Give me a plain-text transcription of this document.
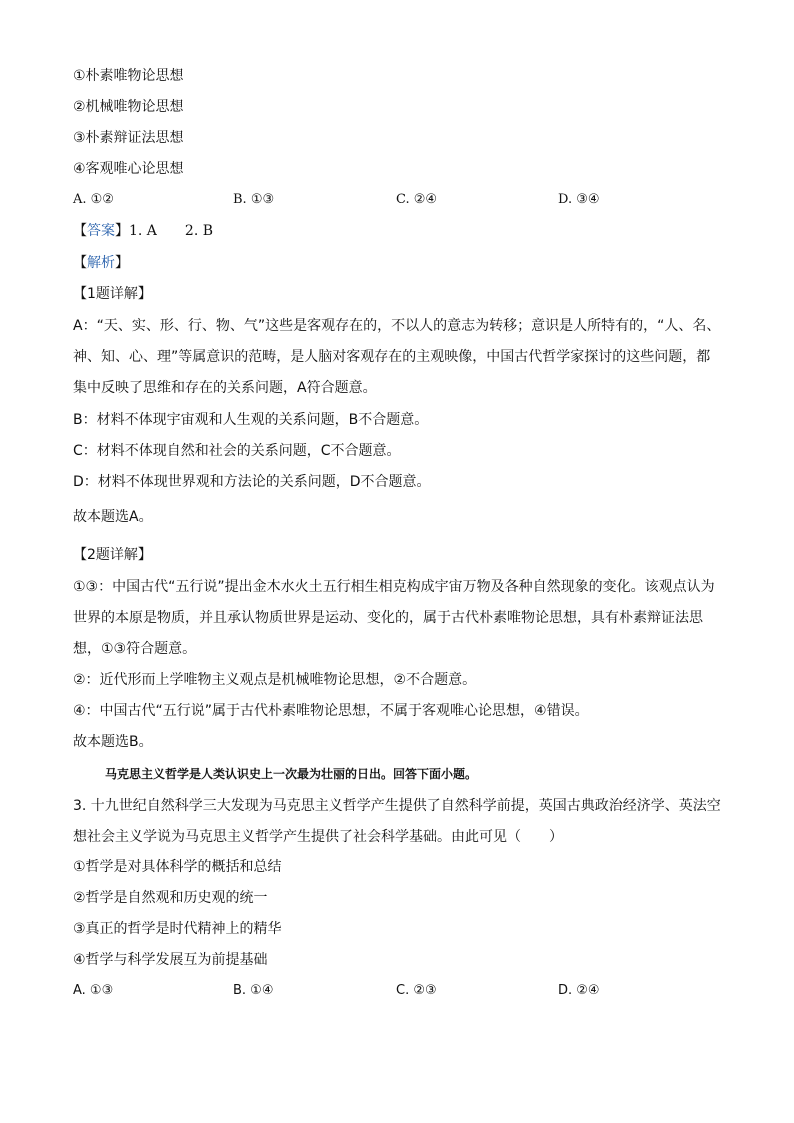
①朴素唯物论思想
②机械唯物论思想
③朴素辩证法思想
④客观唯心论思想
A. ①②	B. ①③	C. ②④	D. ③④
【答案】1. A　　2. B
【解析】
【1题详解】
A：“天、实、形、行、物、气”这些是客观存在的，不以人的意志为转移；意识是人所特有的，“人、名、神、知、心、理”等属意识的范畴，是人脑对客观存在的主观映像，中国古代哲学家探讨的这些问题，都集中反映了思维和存在的关系问题，A符合题意。
B：材料不体现宇宙观和人生观的关系问题，B不合题意。
C：材料不体现自然和社会的关系问题，C不合题意。
D：材料不体现世界观和方法论的关系问题，D不合题意。
故本题选A。
【2题详解】
①③：中国古代“五行说”提出金木水火土五行相生相克构成宇宙万物及各种自然现象的变化。该观点认为世界的本原是物质，并且承认物质世界是运动、变化的，属于古代朴素唯物论思想，具有朴素辩证法思想，①③符合题意。
②：近代形而上学唯物主义观点是机械唯物论思想，②不合题意。
④：中国古代“五行说”属于古代朴素唯物论思想，不属于客观唯心论思想，④错误。
故本题选B。
马克思主义哲学是人类认识史上一次最为壮丽的日出。回答下面小题。
3. 十九世纪自然科学三大发现为马克思主义哲学产生提供了自然科学前提，英国古典政治经济学、英法空想社会主义学说为马克思主义哲学产生提供了社会科学基础。由此可见（　　）
①哲学是对具体科学的概括和总结
②哲学是自然观和历史观的统一
③真正的哲学是时代精神上的精华
④哲学与科学发展互为前提基础
A. ①③	B. ①④	C. ②③	D. ②④
